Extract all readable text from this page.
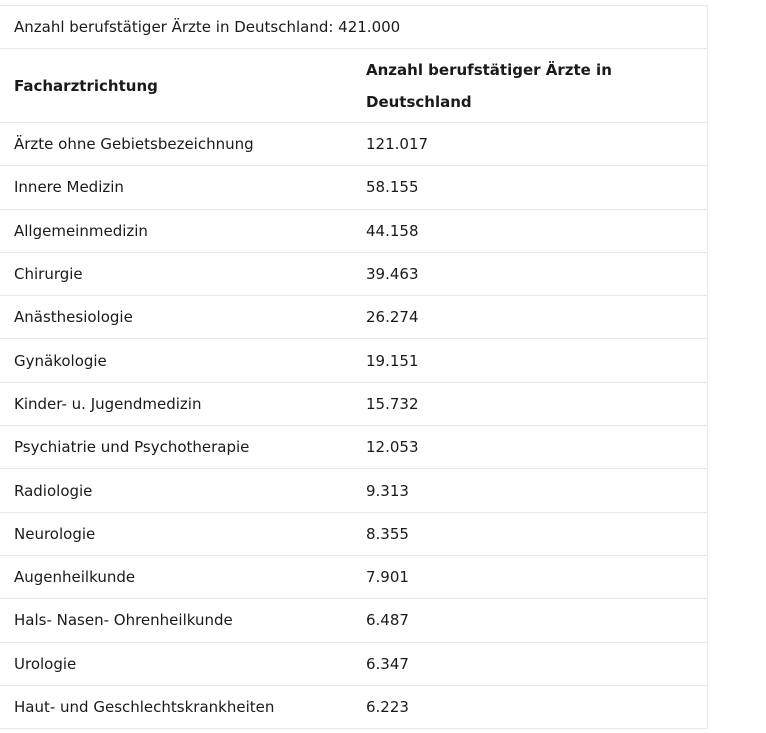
Anzahl berufstätiger Ärzte in Deutschland: 421.000	
Facharztrichtung	Anzahl berufstätiger Ärzte in Deutschland
Ärzte ohne Gebietsbezeichnung	121.017
Innere Medizin	58.155
Allgemeinmedizin	44.158
Chirurgie	39.463
Anästhesiologie	26.274
Gynäkologie	19.151
Kinder- u. Jugendmedizin	15.732
Psychiatrie und Psychotherapie	12.053
Radiologie	9.313
Neurologie	8.355
Augenheilkunde	7.901
Hals- Nasen- Ohrenheilkunde	6.487
Urologie	6.347
Haut- und Geschlechtskrankheiten	6.223
